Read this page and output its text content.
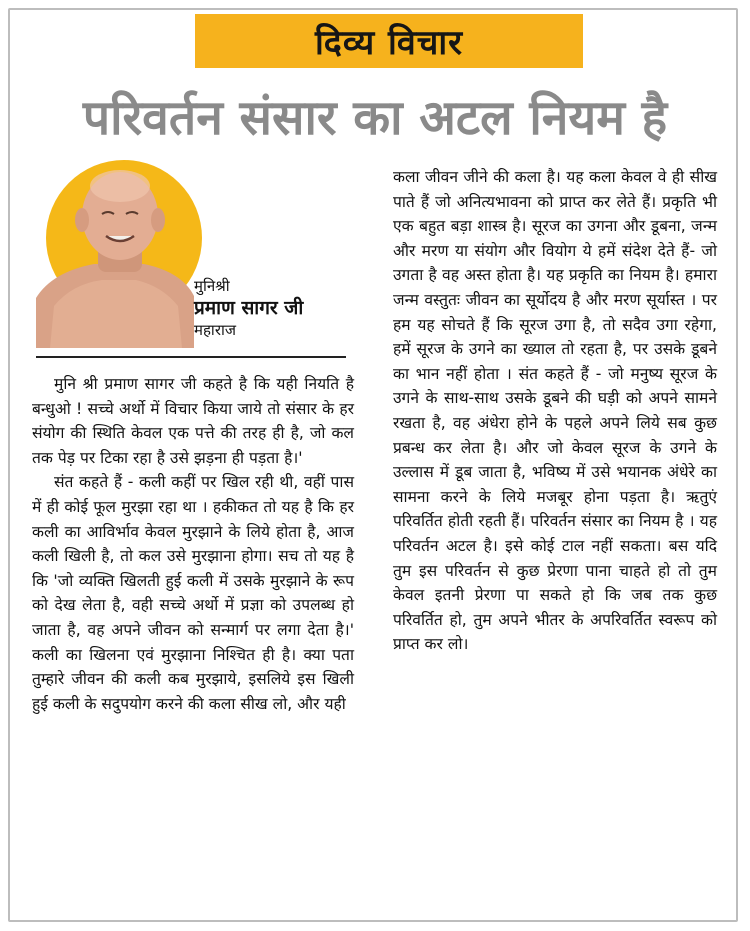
दिव्य विचार
परिवर्तन संसार का अटल नियम है
मुनिश्री
प्रमाण सागर जी
महाराज

मुनि श्री प्रमाण सागर जी कहते है कि यही नियति है बन्धुओ ! सच्चे अर्थो में विचार किया जाये तो संसार के हर संयोग की स्थिति केवल एक पत्ते की तरह ही है, जो कल तक पेड़ पर टिका रहा है उसे झड़ना ही पड़ता है।'

संत कहते हैं - कली कहीं पर खिल रही थी, वहीं पास में ही कोई फूल मुरझा रहा था । हकीकत तो यह है कि हर कली का आविर्भाव केवल मुरझाने के लिये होता है, आज कली खिली है, तो कल उसे मुरझाना होगा। सच तो यह है कि 'जो व्यक्ति खिलती हुई कली में उसके मुरझाने के रूप को देख लेता है, वही सच्चे अर्थो में प्रज्ञा को उपलब्ध हो जाता है, वह अपने जीवन को सन्मार्ग पर लगा देता है।' कली का खिलना एवं मुरझाना निश्चित ही है। क्या पता तुम्हारे जीवन की कली कब मुरझाये, इसलिये इस खिली हुई कली के सदुपयोग करने की कला सीख लो, और यही

कला जीवन जीने की कला है। यह कला केवल वे ही सीख पाते हैं जो अनित्यभावना को प्राप्त कर लेते हैं। प्रकृति भी एक बहुत बड़ा शास्त्र है। सूरज का उगना और डूबना, जन्म और मरण या संयोग और वियोग ये हमें संदेश देते हैं- जो उगता है वह अस्त होता है। यह प्रकृति का नियम है। हमारा जन्म वस्तुतः जीवन का सूर्योदय है और मरण सूर्यास्त । पर हम यह सोचते हैं कि सूरज उगा है, तो सदैव उगा रहेगा, हमें सूरज के उगने का ख्याल तो रहता है, पर उसके डूबने का भान नहीं होता । संत कहते हैं - जो मनुष्य सूरज के उगने के साथ-साथ उसके डूबने की घड़ी को अपने सामने रखता है, वह अंधेरा होने के पहले अपने लिये सब कुछ प्रबन्ध कर लेता है। और जो केवल सूरज के उगने के उल्लास में डूब जाता है, भविष्य में उसे भयानक अंधेरे का सामना करने के लिये मजबूर होना पड़ता है। ऋतुएं परिवर्तित होती रहती हैं। परिवर्तन संसार का नियम है । यह परिवर्तन अटल है। इसे कोई टाल नहीं सकता। बस यदि तुम इस परिवर्तन से कुछ प्रेरणा पाना चाहते हो तो तुम केवल इतनी प्रेरणा पा सकते हो कि जब तक कुछ परिवर्तित हो, तुम अपने भीतर के अपरिवर्तित स्वरूप को प्राप्त कर लो।
